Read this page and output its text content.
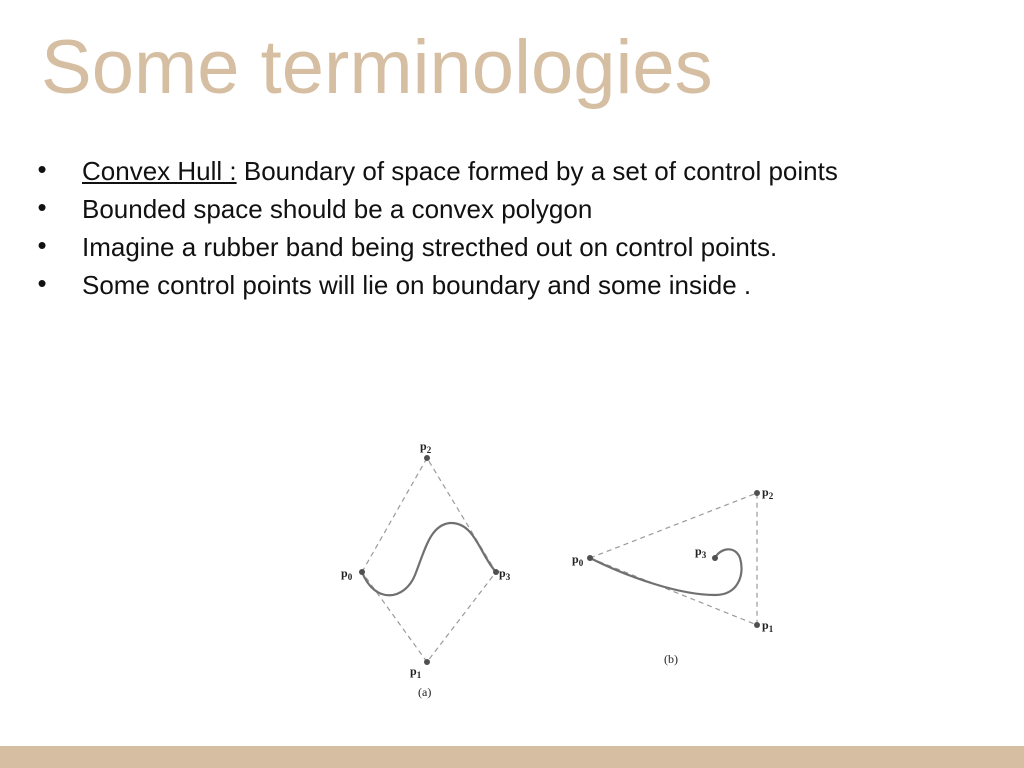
Some terminologies
• Convex Hull : Boundary of space formed by a set of control points
• Bounded space should be a convex polygon
• Imagine a rubber band being strecthed out on control points.
• Some control points will lie on boundary and some inside .
$p_0$
$p_1$
$p_2$
$p_3$
(a)
$p_0$
$p_1$
$p_2$
$p_3$
(b)
